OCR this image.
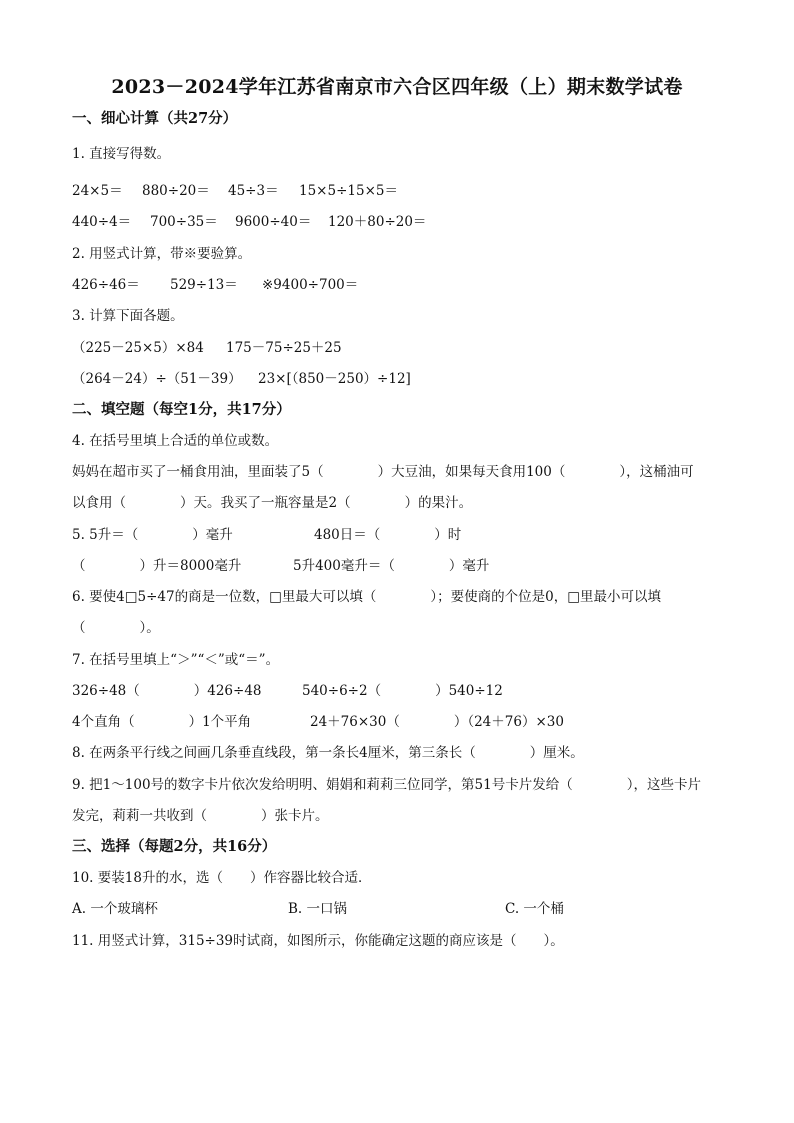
2023－2024学年江苏省南京市六合区四年级（上）期末数学试卷
一、细心计算（共27分）
1. 直接写得数。
24×5＝ 880÷20＝ 45÷3＝ 15×5÷15×5＝
440÷4＝ 700÷35＝ 9600÷40＝ 120＋80÷20＝
2. 用竖式计算，带※要验算。
426÷46＝ 529÷13＝ ※9400÷700＝
3. 计算下面各题。
（225－25×5）×84 175－75÷25＋25
（264－24）÷（51－39） 23×[（850－250）÷12]
二、填空题（每空1分，共17分）
4. 在括号里填上合适的单位或数。
妈妈在超市买了一桶食用油，里面装了5（　　　　）大豆油，如果每天食用100（　　　　），这桶油可
以食用（　　　　）天。我买了一瓶容量是2（　　　　）的果汁。
5. 5升＝（　　　　）毫升	480日＝（　　　　）时
（　　　　）升＝8000毫升	5升400毫升＝（　　　　）毫升
6. 要使4□5÷47的商是一位数，□里最大可以填（　　　　）；要使商的个位是0，□里最小可以填
（　　　　）。
7. 在括号里填上“＞”“＜”或“＝”。
326÷48（　　　　）426÷48	540÷6÷2（　　　　）540÷12
4个直角（　　　　）1个平角	24＋76×30（　　　　）（24＋76）×30
8. 在两条平行线之间画几条垂直线段，第一条长4厘米，第三条长（　　　　）厘米。
9. 把1～100号的数字卡片依次发给明明、娟娟和莉莉三位同学，第51号卡片发给（　　　　），这些卡片
发完，莉莉一共收到（　　　　）张卡片。
三、选择（每题2分，共16分）
10. 要装18升的水，选（　　）作容器比较合适．
A. 一个玻璃杯	B. 一口锅	C. 一个桶
11. 用竖式计算，315÷39时试商，如图所示，你能确定这题的商应该是（　　）。
